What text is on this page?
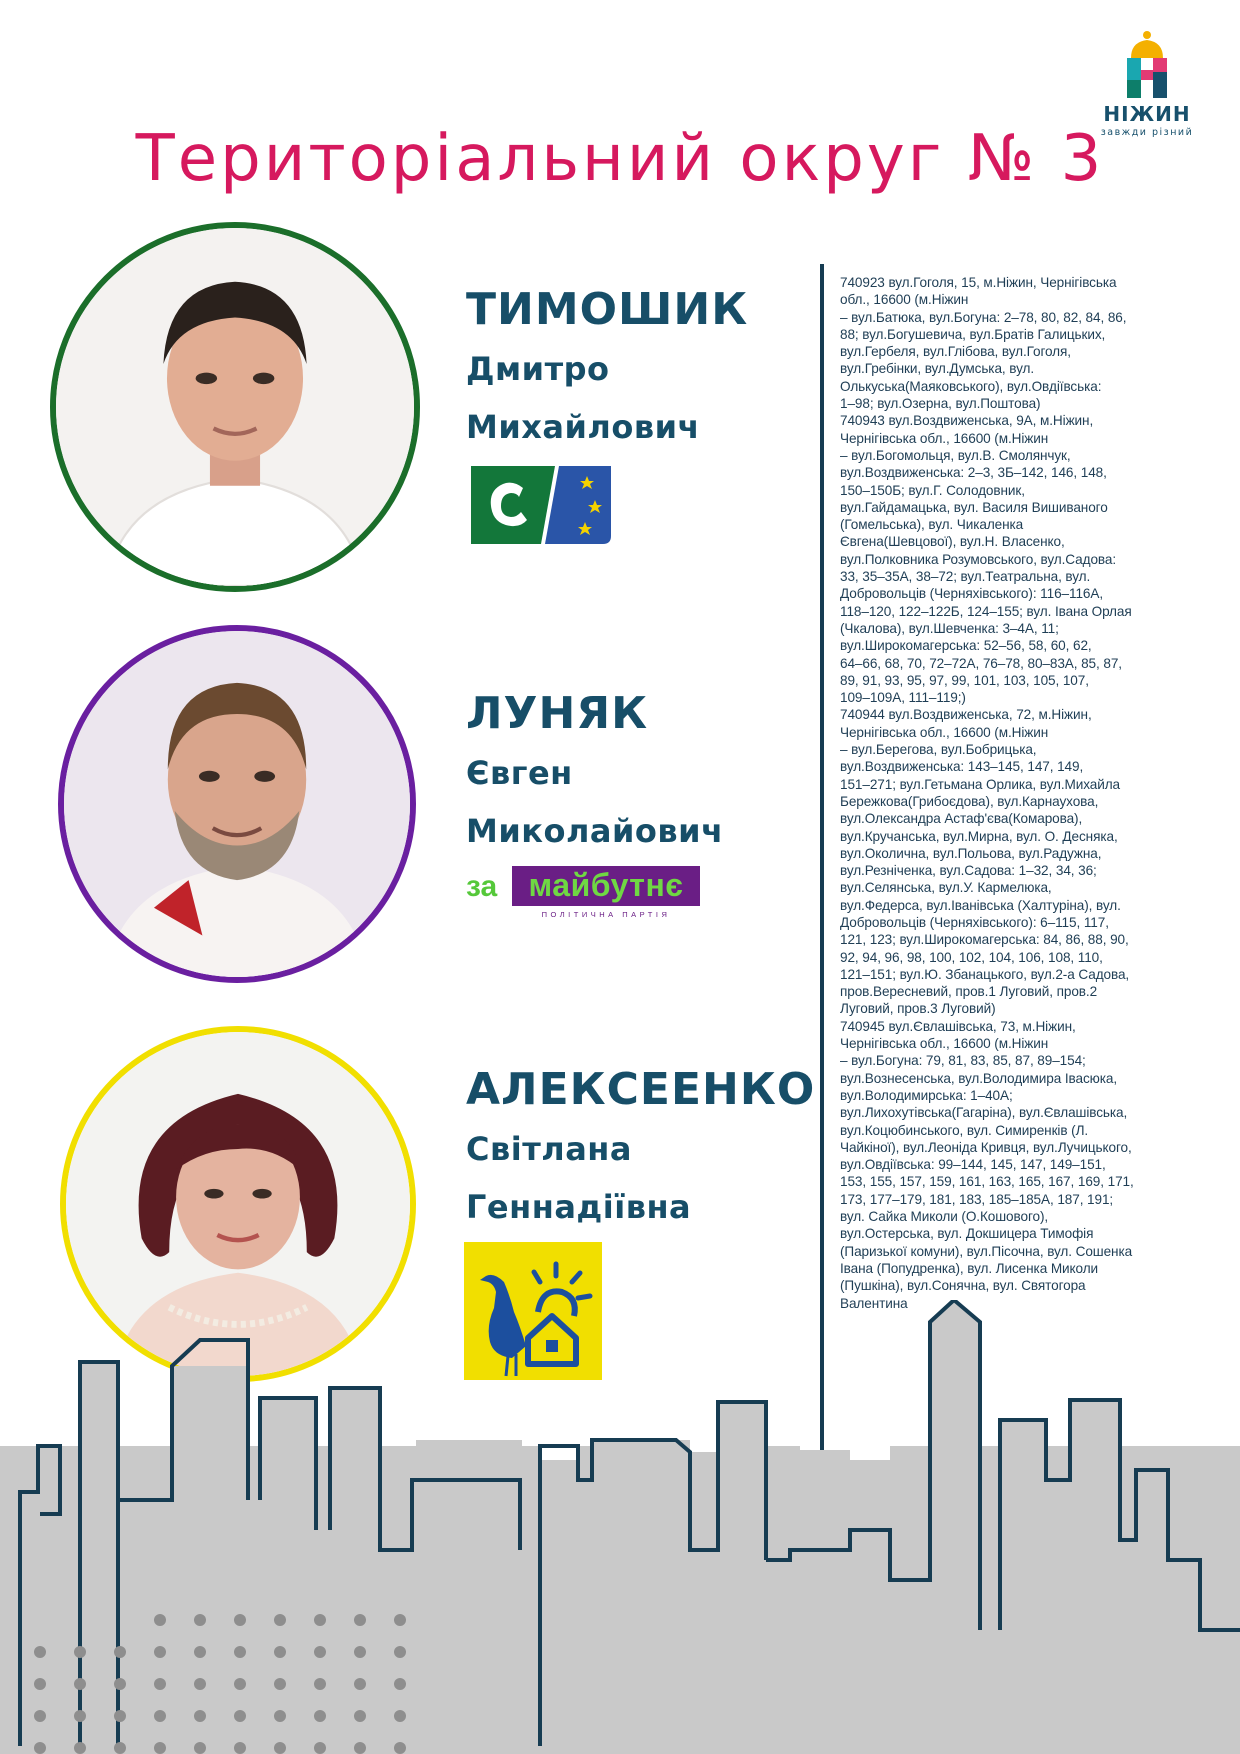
НІЖИН
завжди різний
Територіальний округ № 3
ТИМОШИК
Дмитро
Михайлович
ЛУНЯК
Євген
Миколайович
за майбутнє
ПОЛІТИЧНА ПАРТІЯ
АЛЕКСЕЕНКО
Світлана
Геннадіївна

740923 вул.Гоголя, 15, м.Ніжин, Чернігівська

обл., 16600 (м.Ніжин

– вул.Батюка, вул.Богуна: 2–78, 80, 82, 84, 86,

88; вул.Богушевича, вул.Братів Галицьких,

вул.Гербеля, вул.Глібова, вул.Гоголя,

вул.Гребінки, вул.Думська, вул.

Олькуська(Маяковського), вул.Овдіївська:

1–98; вул.Озерна, вул.Поштова)

740943 вул.Воздвиженська, 9А, м.Ніжин,

Чернігівська обл., 16600 (м.Ніжин

– вул.Богомольця, вул.В. Смолянчук,

вул.Воздвиженська: 2–3, 3Б–142, 146, 148,

150–150Б; вул.Г. Солодовник,

вул.Гайдамацька, вул. Василя Вишиваного

(Гомельська), вул. Чикаленка

Євгена(Шевцової), вул.Н. Власенко,

вул.Полковника Розумовського, вул.Садова:

33, 35–35А, 38–72; вул.Театральна, вул.

Добровольців (Черняхівського): 116–116А,

118–120, 122–122Б, 124–155; вул. Івана Орлая

(Чкалова), вул.Шевченка: 3–4А, 11;

вул.Широкомагерська: 52–56, 58, 60, 62,

64–66, 68, 70, 72–72А, 76–78, 80–83А, 85, 87,

89, 91, 93, 95, 97, 99, 101, 103, 105, 107,

109–109А, 111–119;)

740944 вул.Воздвиженська, 72, м.Ніжин,

Чернігівська обл., 16600 (м.Ніжин

– вул.Берегова, вул.Бобрицька,

вул.Воздвиженська: 143–145, 147, 149,

151–271; вул.Гетьмана Орлика, вул.Михайла

Бережкова(Грибоєдова), вул.Карнаухова,

вул.Олександра Астаф'єва(Комарова),

вул.Кручанська, вул.Мирна, вул. О. Десняка,

вул.Околична, вул.Польова, вул.Радужна,

вул.Резніченка, вул.Садова: 1–32, 34, 36;

вул.Селянська, вул.У. Кармелюка,

вул.Федерса, вул.Іванівська (Халтуріна), вул.

Добровольців (Черняхівського): 6–115, 117,

121, 123; вул.Широкомагерська: 84, 86, 88, 90,

92, 94, 96, 98, 100, 102, 104, 106, 108, 110,

121–151; вул.Ю. Збанацького, вул.2-а Садова,

пров.Вересневий, пров.1 Луговий, пров.2

Луговий, пров.3 Луговий)

740945 вул.Євлашівська, 73, м.Ніжин,

Чернігівська обл., 16600 (м.Ніжин

– вул.Богуна: 79, 81, 83, 85, 87, 89–154;

вул.Вознесенська, вул.Володимира Івасюка,

вул.Володимирська: 1–40А;

вул.Лихохутівська(Гагаріна), вул.Євлашівська,

вул.Коцюбинського, вул. Симиренків (Л.

Чайкіної), вул.Леоніда Кривця, вул.Лучицького,

вул.Овдіївська: 99–144, 145, 147, 149–151,

153, 155, 157, 159, 161, 163, 165, 167, 169, 171,

173, 177–179, 181, 183, 185–185А, 187, 191;

вул. Сайка Миколи (О.Кошового),

вул.Остерська, вул. Докшицера Тимофія

(Паризької комуни), вул.Пісочна, вул. Сошенка

Івана (Попудренка), вул. Лисенка Миколи

(Пушкіна), вул.Сонячна, вул. Святогора

Валентина
